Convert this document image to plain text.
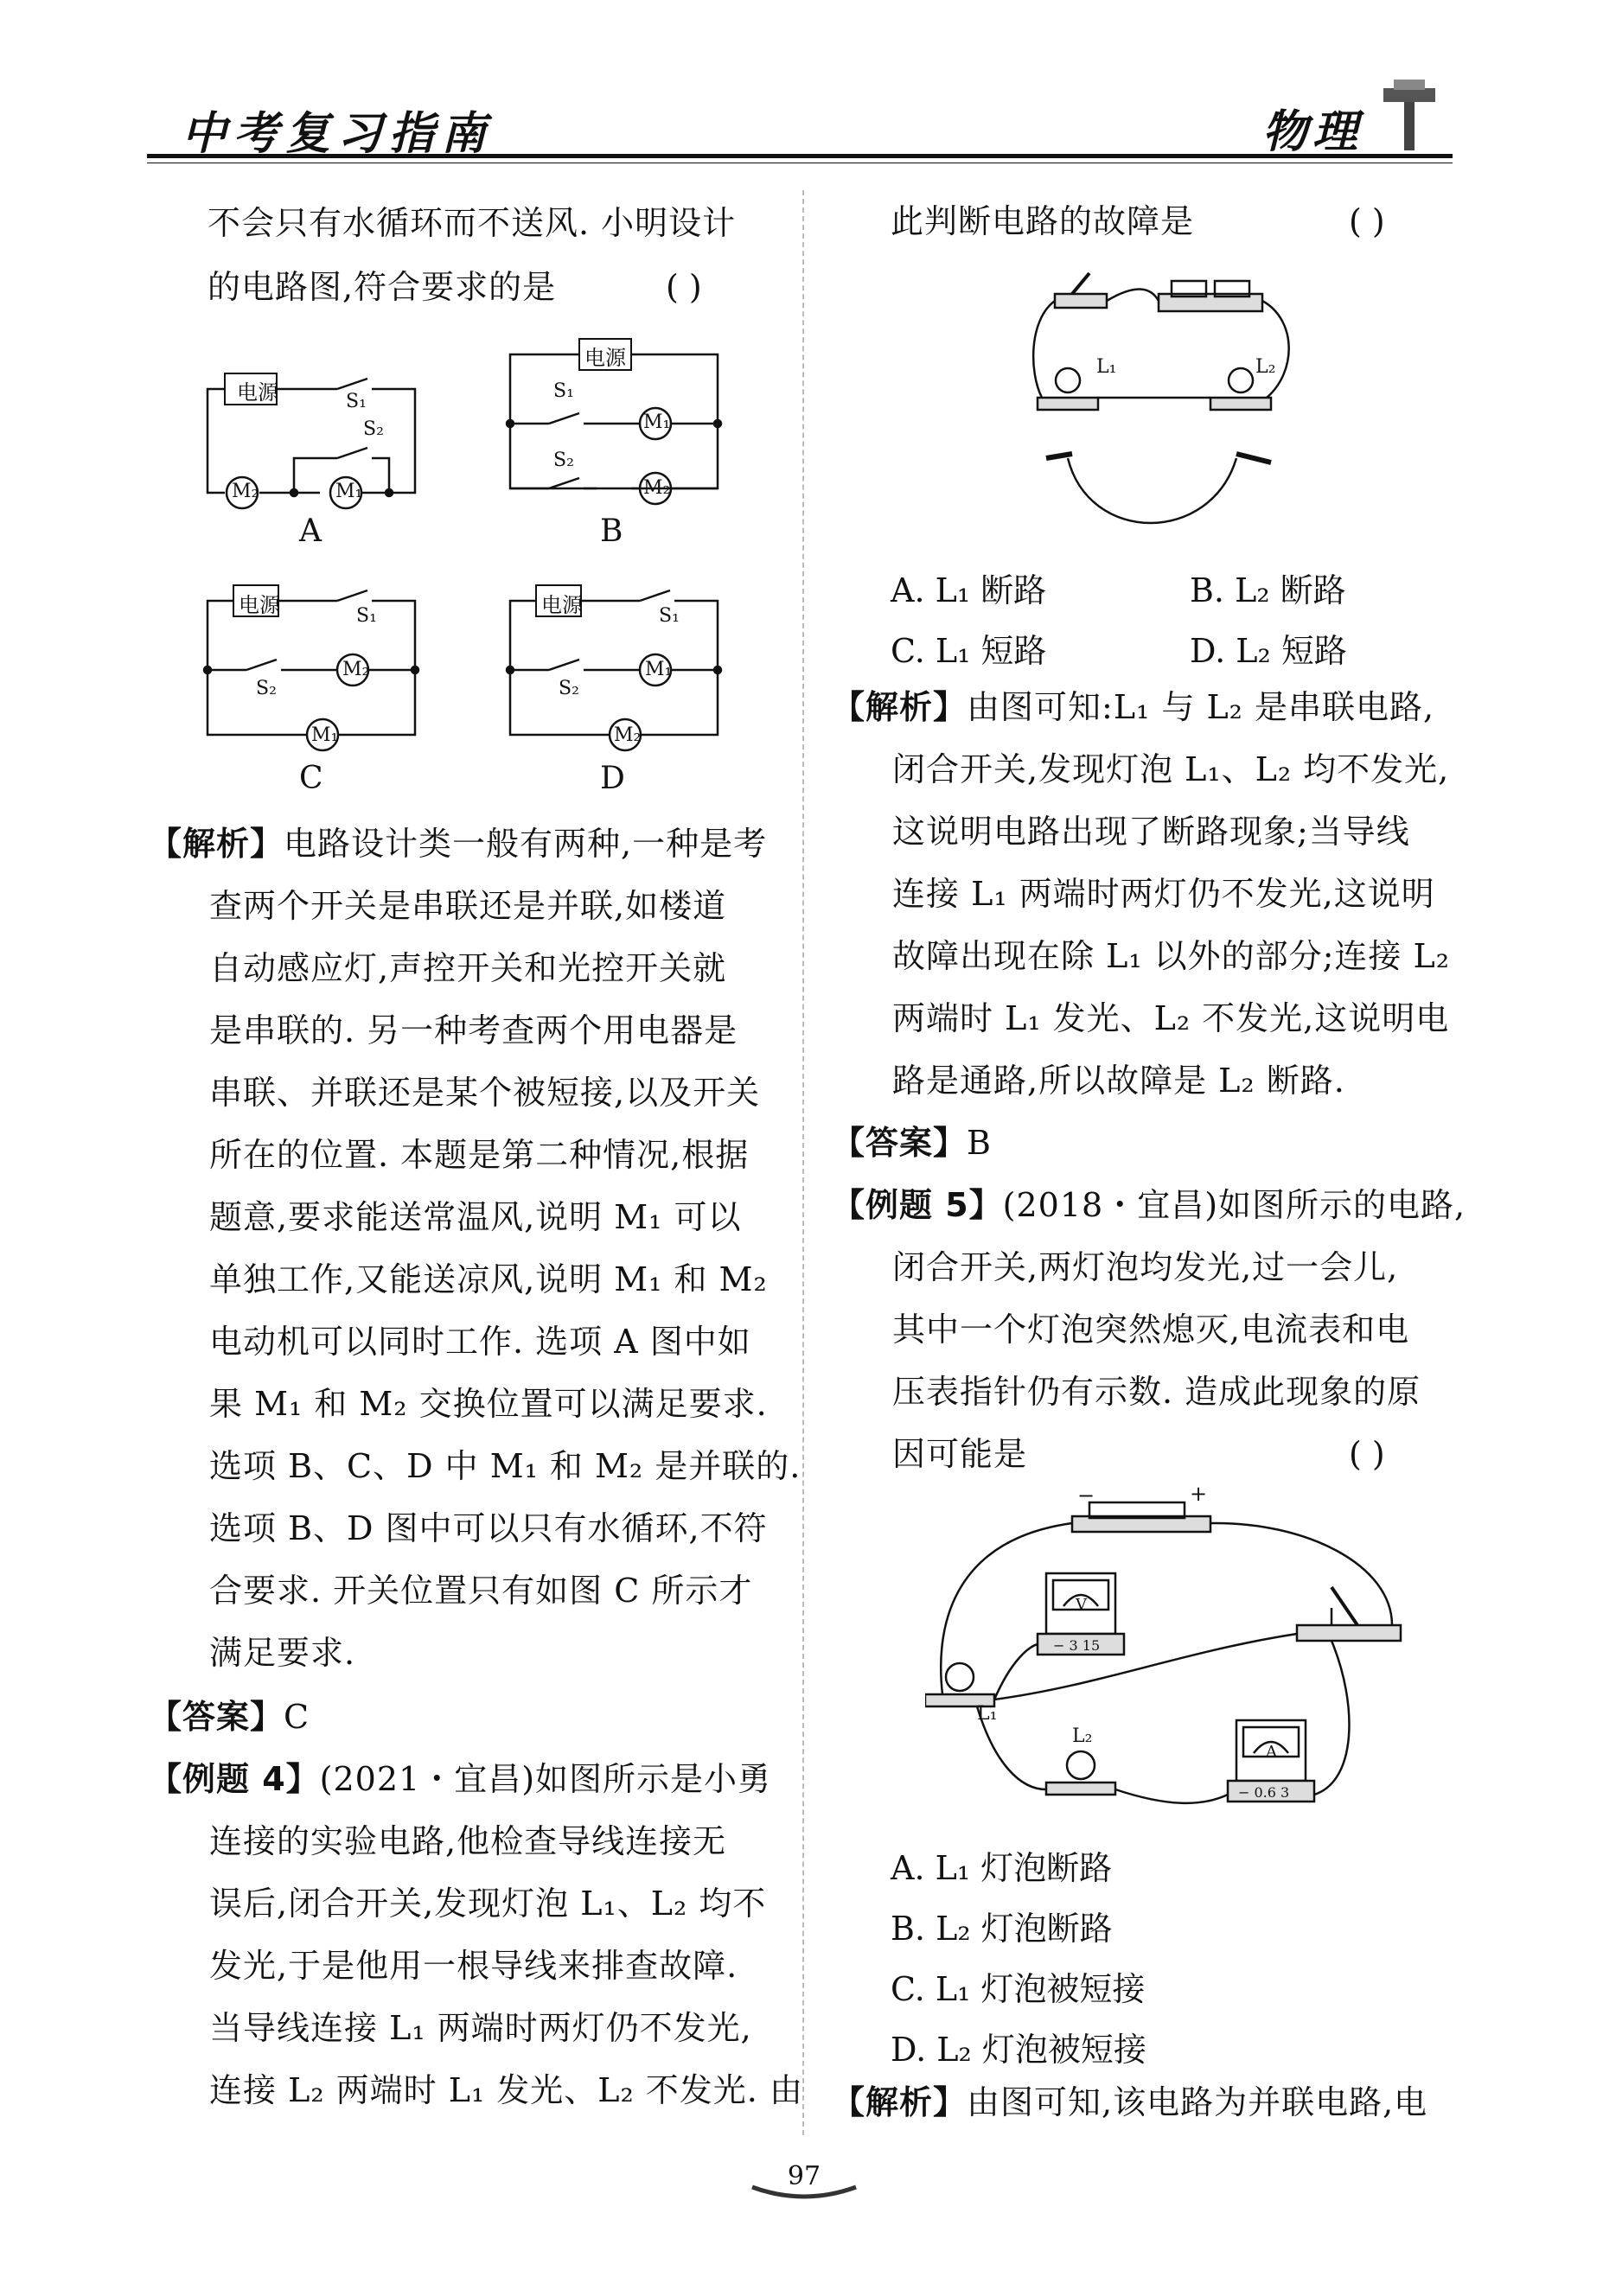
中考复习指南	物理
不会只有水循环而不送风. 小明设计
的电路图,符合要求的是	( )
电源	S₁
S₂
M₂	M₁
A
电源
S₁
S₂
M₁
M₂
B
电源	S₁
S₂
M₂
M₁
C
电源	S₁
S₂
M₁
M₂
D
【解析】电路设计类一般有两种,一种是考
查两个开关是串联还是并联,如楼道
自动感应灯,声控开关和光控开关就
是串联的. 另一种考查两个用电器是
串联、并联还是某个被短接,以及开关
所在的位置. 本题是第二种情况,根据
题意,要求能送常温风,说明 M₁ 可以
单独工作,又能送凉风,说明 M₁ 和 M₂
电动机可以同时工作. 选项 A 图中如
果 M₁ 和 M₂ 交换位置可以满足要求.
选项 B、C、D 中 M₁ 和 M₂ 是并联的.
选项 B、D 图中可以只有水循环,不符
合要求. 开关位置只有如图 C 所示才
满足要求.
【答案】C
【例题 4】(2021・宜昌)如图所示是小勇
连接的实验电路,他检查导线连接无
误后,闭合开关,发现灯泡 L₁、L₂ 均不
发光,于是他用一根导线来排查故障.
当导线连接 L₁ 两端时两灯仍不发光,
连接 L₂ 两端时 L₁ 发光、L₂ 不发光. 由
此判断电路的故障是	( )
L₁	L₂
A. L₁ 断路	B. L₂ 断路
C. L₁ 短路	D. L₂ 短路
【解析】由图可知:L₁ 与 L₂ 是串联电路,
闭合开关,发现灯泡 L₁、L₂ 均不发光,
这说明电路出现了断路现象;当导线
连接 L₁ 两端时两灯仍不发光,这说明
故障出现在除 L₁ 以外的部分;连接 L₂
两端时 L₁ 发光、L₂ 不发光,这说明电
路是通路,所以故障是 L₂ 断路.
【答案】B
【例题 5】(2018・宜昌)如图所示的电路,
闭合开关,两灯泡均发光,过一会儿,
其中一个灯泡突然熄灭,电流表和电
压表指针仍有示数. 造成此现象的原
因可能是	( )
−	+
V
− 3 15
A
− 0.6 3
L₁
L₂
A. L₁ 灯泡断路
B. L₂ 灯泡断路
C. L₁ 灯泡被短接
D. L₂ 灯泡被短接
【解析】由图可知,该电路为并联电路,电
97
